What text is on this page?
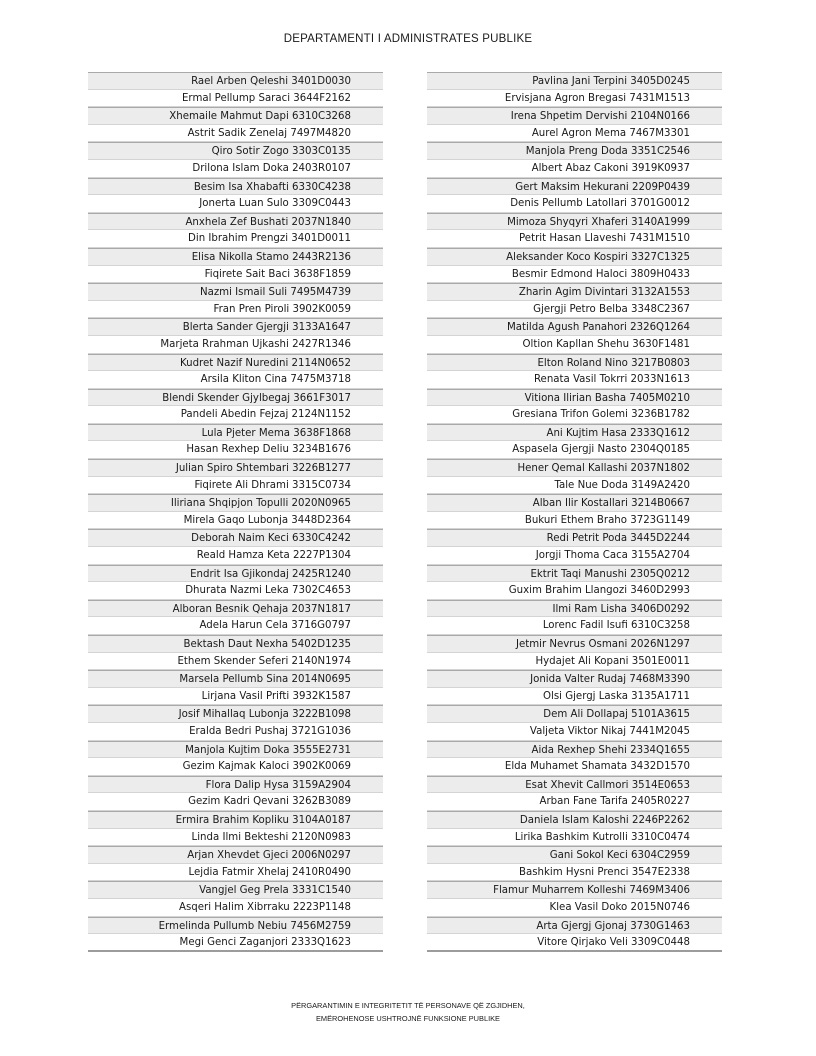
DEPARTAMENTI I ADMINISTRATES PUBLIKE
Rael Arben Qeleshi 3401D0030
Ermal Pellump Saraci 3644F2162
Xhemaile Mahmut Dapi 6310C3268
Astrit Sadik Zenelaj 7497M4820
Qiro Sotir Zogo 3303C0135
Drilona Islam Doka 2403R0107
Besim Isa Xhabafti 6330C4238
Jonerta Luan Sulo 3309C0443
Anxhela Zef Bushati 2037N1840
Din Ibrahim Prengzi 3401D0011
Elisa Nikolla Stamo 2443R2136
Fiqirete Sait Baci 3638F1859
Nazmi Ismail Suli 7495M4739
Fran Pren Piroli 3902K0059
Blerta Sander Gjergji 3133A1647
Marjeta Rrahman Ujkashi 2427R1346
Kudret Nazif Nuredini 2114N0652
Arsila Kliton Cina 7475M3718
Blendi Skender Gjylbegaj 3661F3017
Pandeli Abedin Fejzaj 2124N1152
Lula Pjeter Mema 3638F1868
Hasan Rexhep Deliu 3234B1676
Julian Spiro Shtembari 3226B1277
Fiqirete Ali Dhrami 3315C0734
Iliriana Shqipjon Topulli 2020N0965
Mirela Gaqo Lubonja 3448D2364
Deborah Naim Keci 6330C4242
Reald Hamza Keta 2227P1304
Endrit Isa Gjikondaj 2425R1240
Dhurata Nazmi Leka 7302C4653
Alboran Besnik Qehaja 2037N1817
Adela Harun Cela 3716G0797
Bektash Daut Nexha 5402D1235
Ethem Skender Seferi 2140N1974
Marsela Pellumb Sina 2014N0695
Lirjana Vasil Prifti 3932K1587
Josif Mihallaq Lubonja 3222B1098
Eralda Bedri Pushaj 3721G1036
Manjola Kujtim Doka 3555E2731
Gezim Kajmak Kaloci 3902K0069
Flora Dalip Hysa 3159A2904
Gezim Kadri Qevani 3262B3089
Ermira Brahim Kopliku 3104A0187
Linda Ilmi Bekteshi 2120N0983
Arjan Xhevdet Gjeci 2006N0297
Lejdia Fatmir Xhelaj 2410R0490
Vangjel Geg Prela 3331C1540
Asqeri Halim Xibrraku 2223P1148
Ermelinda Pullumb Nebiu 7456M2759
Megi Genci Zaganjori 2333Q1623
Pavlina Jani Terpini 3405D0245
Ervisjana Agron Bregasi 7431M1513
Irena Shpetim Dervishi 2104N0166
Aurel Agron Mema 7467M3301
Manjola Preng Doda 3351C2546
Albert Abaz Cakoni 3919K0937
Gert Maksim Hekurani 2209P0439
Denis Pellumb Latollari 3701G0012
Mimoza Shyqyri Xhaferi 3140A1999
Petrit Hasan Llaveshi 7431M1510
Aleksander Koco Kospiri 3327C1325
Besmir Edmond Haloci 3809H0433
Zharin Agim Divintari 3132A1553
Gjergji Petro Belba 3348C2367
Matilda Agush Panahori 2326Q1264
Oltion Kapllan Shehu 3630F1481
Elton Roland Nino 3217B0803
Renata Vasil Tokrri 2033N1613
Vitiona Ilirian Basha 7405M0210
Gresiana Trifon Golemi 3236B1782
Ani Kujtim Hasa 2333Q1612
Aspasela Gjergji Nasto 2304Q0185
Hener Qemal Kallashi 2037N1802
Tale Nue Doda 3149A2420
Alban Ilir Kostallari 3214B0667
Bukuri Ethem Braho 3723G1149
Redi Petrit Poda 3445D2244
Jorgji Thoma Caca 3155A2704
Ektrit Taqi Manushi 2305Q0212
Guxim Brahim Llangozi 3460D2993
Ilmi Ram Lisha 3406D0292
Lorenc Fadil Isufi 6310C3258
Jetmir Nevrus Osmani 2026N1297
Hydajet Ali Kopani 3501E0011
Jonida Valter Rudaj 7468M3390
Olsi Gjergj Laska 3135A1711
Dem Ali Dollapaj 5101A3615
Valjeta Viktor Nikaj 7441M2045
Aida Rexhep Shehi 2334Q1655
Elda Muhamet Shamata 3432D1570
Esat Xhevit Callmori 3514E0653
Arban Fane Tarifa 2405R0227
Daniela Islam Kaloshi 2246P2262
Lirika Bashkim Kutrolli 3310C0474
Gani Sokol Keci 6304C2959
Bashkim Hysni Prenci 3547E2338
Flamur Muharrem Kolleshi 7469M3406
Klea Vasil Doko 2015N0746
Arta Gjergj Gjonaj 3730G1463
Vitore Qirjako Veli 3309C0448
PËRGARANTIMIN E INTEGRITETIT TË PERSONAVE QË ZGJIDHEN,
EMËROHENOSE USHTROJNË FUNKSIONE PUBLIKE
